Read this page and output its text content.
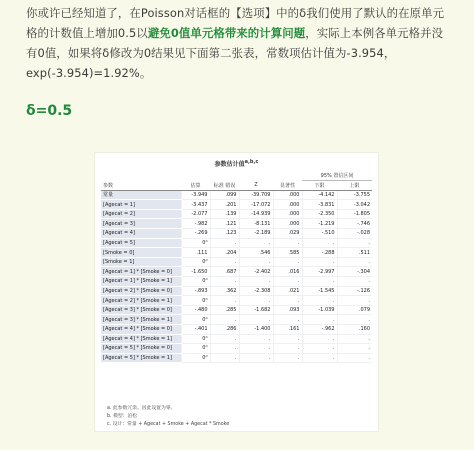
你或许已经知道了，在Poisson对话框的【选项】中的δ我们使用了默认的在原单元格的计数值上增加0.5以避免0值单元格带来的计算问题，实际上本例各单元格并没有0值，如果将δ修改为0结果见下面第二张表，常数项估计值为-3.954，exp(-3.954)=1.92%。

δ=0.5
参数估计值$^{a,b,c}$
					95% 置信区间	
参数	估算	标准 错误	Z	显著性	下限	上限
常量	-3.949	.099	-39.709	.000	-4.142	-3.755
[Agecat = 1]	-3.437	.201	-17.072	.000	-3.831	-3.042
[Agecat = 2]	-2.077	.139	-14.939	.000	-2.350	-1.805
[Agecat = 3]	-.982	.121	-8.131	.000	-1.219	-.746
[Agecat = 4]	-.269	.123	-2.189	.029	-.510	-.028
[Agecat = 5]	0ᵈ	.	.	.	.	.
[Smoke = 0]	.111	.204	.546	.585	-.288	.511
[Smoke = 1]	0ᵈ	.	.	.	.	.
[Agecat = 1] * [Smoke = 0]	-1.650	.687	-2.402	.016	-2.997	-.304
[Agecat = 1] * [Smoke = 1]	0ᵈ	.	.	.	.	.
[Agecat = 2] * [Smoke = 0]	-.893	.362	-2.308	.021	-1.545	-.126
[Agecat = 2] * [Smoke = 1]	0ᵈ	.	.	.	.	.
[Agecat = 3] * [Smoke = 0]	-.480	.285	-1.682	.093	-1.039	.079
[Agecat = 3] * [Smoke = 1]	0ᵈ	.	.	.	.	.
[Agecat = 4] * [Smoke = 0]	-.401	.286	-1.400	.161	-.962	.160
[Agecat = 4] * [Smoke = 1]	0ᵈ	.	.	.	.	.
[Agecat = 5] * [Smoke = 0]	0ᵈ	.	.	.	.	.
[Agecat = 5] * [Smoke = 1]	0ᵈ	.	.	.	.	.
a. 此参数冗余。因此设置为零。
b. 模型：泊松
c. 设计：常量 + Agecat + Smoke + Agecat * Smoke
